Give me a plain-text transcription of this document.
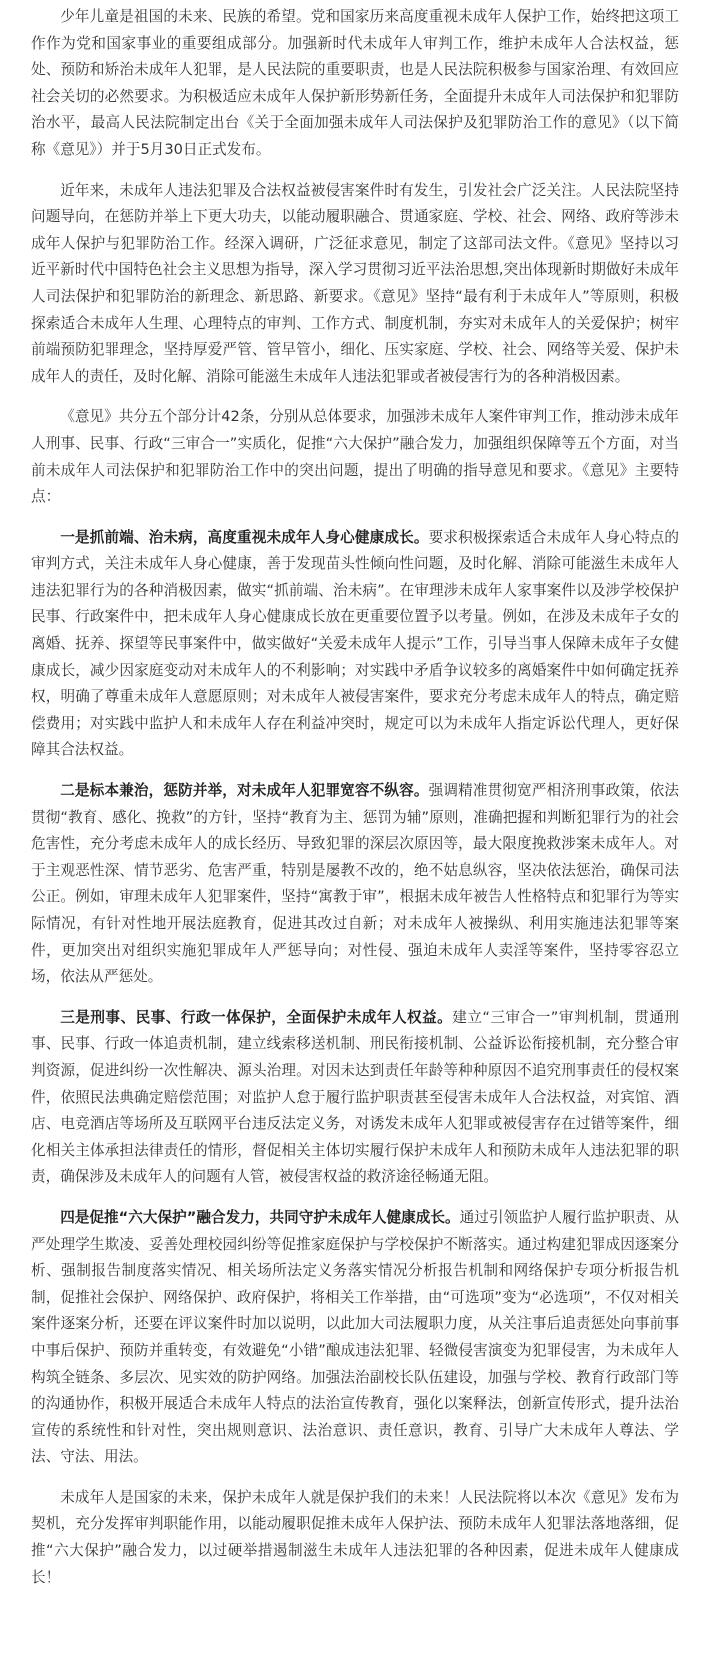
少年儿童是祖国的未来、民族的希望。党和国家历来高度重视未成年人保护工作，始终把这项工作作为党和国家事业的重要组成部分。加强新时代未成年人审判工作，维护未成年人合法权益，惩处、预防和矫治未成年人犯罪，是人民法院的重要职责，也是人民法院积极参与国家治理、有效回应社会关切的必然要求。为积极适应未成年人保护新形势新任务，全面提升未成年人司法保护和犯罪防治水平，最高人民法院制定出台《关于全面加强未成年人司法保护及犯罪防治工作的意见》（以下简称《意见》）并于5月30日正式发布。

近年来，未成年人违法犯罪及合法权益被侵害案件时有发生，引发社会广泛关注。人民法院坚持问题导向，在惩防并举上下更大功夫，以能动履职融合、贯通家庭、学校、社会、网络、政府等涉未成年人保护与犯罪防治工作。经深入调研，广泛征求意见，制定了这部司法文件。《意见》坚持以习近平新时代中国特色社会主义思想为指导，深入学习贯彻习近平法治思想,突出体现新时期做好未成年人司法保护和犯罪防治的新理念、新思路、新要求。《意见》坚持“最有利于未成年人”等原则，积极探索适合未成年人生理、心理特点的审判、工作方式、制度机制，夯实对未成年人的关爱保护；树牢前端预防犯罪理念，坚持厚爱严管、管早管小，细化、压实家庭、学校、社会、网络等关爱、保护未成年人的责任，及时化解、消除可能滋生未成年人违法犯罪或者被侵害行为的各种消极因素。

《意见》共分五个部分计42条，分别从总体要求，加强涉未成年人案件审判工作，推动涉未成年人刑事、民事、行政“三审合一”实质化，促推“六大保护”融合发力，加强组织保障等五个方面，对当前未成年人司法保护和犯罪防治工作中的突出问题，提出了明确的指导意见和要求。《意见》主要特点：

一是抓前端、治未病，高度重视未成年人身心健康成长。要求积极探索适合未成年人身心特点的审判方式，关注未成年人身心健康，善于发现苗头性倾向性问题，及时化解、消除可能滋生未成年人违法犯罪行为的各种消极因素，做实“抓前端、治未病”。在审理涉未成年人家事案件以及涉学校保护民事、行政案件中，把未成年人身心健康成长放在更重要位置予以考量。例如，在涉及未成年子女的离婚、抚养、探望等民事案件中，做实做好“关爱未成年人提示”工作，引导当事人保障未成年子女健康成长，减少因家庭变动对未成年人的不利影响；对实践中矛盾争议较多的离婚案件中如何确定抚养权，明确了尊重未成年人意愿原则；对未成年人被侵害案件，要求充分考虑未成年人的特点，确定赔偿费用；对实践中监护人和未成年人存在利益冲突时，规定可以为未成年人指定诉讼代理人，更好保障其合法权益。

二是标本兼治，惩防并举，对未成年人犯罪宽容不纵容。强调精准贯彻宽严相济刑事政策，依法贯彻“教育、感化、挽救”的方针，坚持“教育为主、惩罚为辅”原则，准确把握和判断犯罪行为的社会危害性，充分考虑未成年人的成长经历、导致犯罪的深层次原因等，最大限度挽救涉案未成年人。对于主观恶性深、情节恶劣、危害严重，特别是屡教不改的，绝不姑息纵容，坚决依法惩治，确保司法公正。例如，审理未成年人犯罪案件，坚持“寓教于审”，根据未成年被告人性格特点和犯罪行为等实际情况，有针对性地开展法庭教育，促进其改过自新；对未成年人被操纵、利用实施违法犯罪等案件，更加突出对组织实施犯罪成年人严惩导向；对性侵、强迫未成年人卖淫等案件，坚持零容忍立场，依法从严惩处。

三是刑事、民事、行政一体保护，全面保护未成年人权益。建立“三审合一”审判机制，贯通刑事、民事、行政一体追责机制，建立线索移送机制、刑民衔接机制、公益诉讼衔接机制，充分整合审判资源，促进纠纷一次性解决、源头治理。对因未达到责任年龄等种种原因不追究刑事责任的侵权案件，依照民法典确定赔偿范围；对监护人怠于履行监护职责甚至侵害未成年人合法权益，对宾馆、酒店、电竞酒店等场所及互联网平台违反法定义务，对诱发未成年人犯罪或被侵害存在过错等案件，细化相关主体承担法律责任的情形，督促相关主体切实履行保护未成年人和预防未成年人违法犯罪的职责，确保涉及未成年人的问题有人管，被侵害权益的救济途径畅通无阻。

四是促推“六大保护”融合发力，共同守护未成年人健康成长。通过引领监护人履行监护职责、从严处理学生欺凌、妥善处理校园纠纷等促推家庭保护与学校保护不断落实。通过构建犯罪成因逐案分析、强制报告制度落实情况、相关场所法定义务落实情况分析报告机制和网络保护专项分析报告机制，促推社会保护、网络保护、政府保护，将相关工作举措，由“可选项”变为“必选项”，不仅对相关案件逐案分析，还要在评议案件时加以说明，以此加大司法履职力度，从关注事后追责惩处向事前事中事后保护、预防并重转变，有效避免“小错”酿成违法犯罪、轻微侵害演变为犯罪侵害，为未成年人构筑全链条、多层次、见实效的防护网络。加强法治副校长队伍建设，加强与学校、教育行政部门等的沟通协作，积极开展适合未成年人特点的法治宣传教育，强化以案释法，创新宣传形式，提升法治宣传的系统性和针对性，突出规则意识、法治意识、责任意识，教育、引导广大未成年人尊法、学法、守法、用法。

未成年人是国家的未来，保护未成年人就是保护我们的未来！人民法院将以本次《意见》发布为契机，充分发挥审判职能作用，以能动履职促推未成年人保护法、预防未成年人犯罪法落地落细，促推“六大保护”融合发力，以过硬举措遏制滋生未成年人违法犯罪的各种因素，促进未成年人健康成长！
